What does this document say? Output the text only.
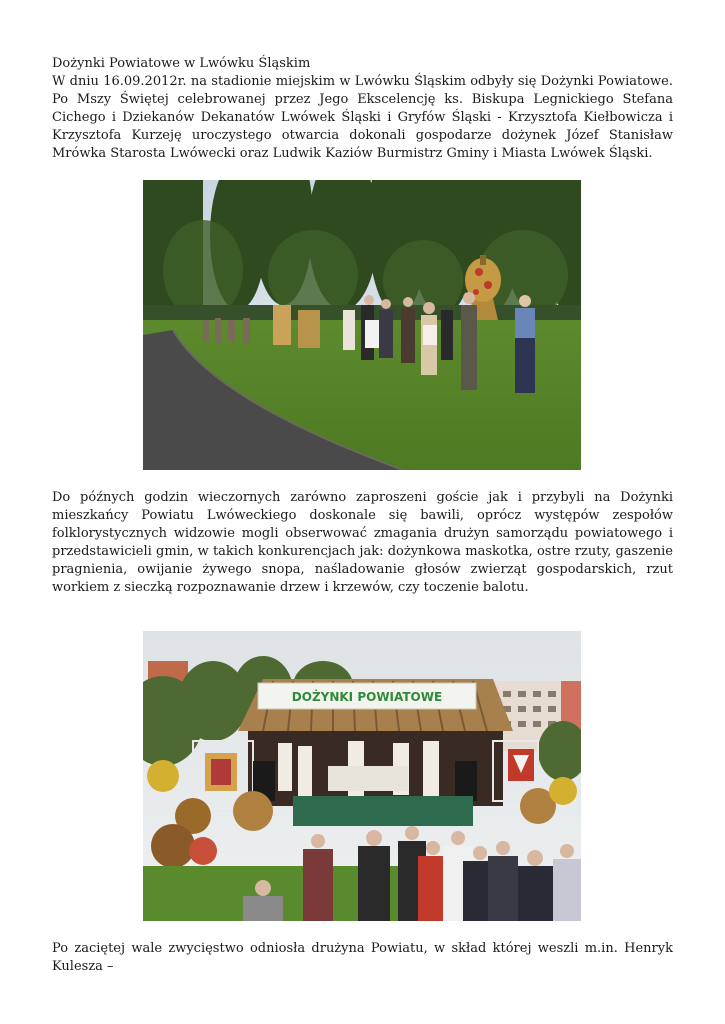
Dożynki Powiatowe w Lwówku Śląskim

W dniu 16.09.2012r. na stadionie miejskim w Lwówku Śląskim odbyły się Dożynki Powiatowe. Po Mszy Świętej celebrowanej przez Jego Ekscelencję ks. Biskupa Legnickiego Stefana Cichego i Dziekanów Dekanatów Lwówek Śląski i Gryfów Śląski - Krzysztofa Kiełbowicza i Krzysztofa Kurzeję uroczystego otwarcia dokonali gospodarze dożynek Józef Stanisław Mrówka Starosta Lwówecki oraz Ludwik Kaziów Burmistrz Gminy i Miasta Lwówek Śląski.

Do późnych godzin wieczornych zarówno zaproszeni goście jak i przybyli na Dożynki mieszkańcy Powiatu Lwóweckiego doskonale się bawili, oprócz występów zespołów folklorystycznych widzowie mogli obserwować zmagania drużyn samorządu powiatowego i przedstawicieli gmin, w takich konkurencjach jak: dożynkowa maskotka, ostre rzuty, gaszenie pragnienia, owijanie żywego snopa, naśladowanie głosów zwierząt gospodarskich, rzut workiem z sieczką rozpoznawanie drzew i krzewów, czy toczenie balotu.

DOŻYNKI POWIATOWE

Po zaciętej wale zwycięstwo odniosła drużyna Powiatu, w skład której weszli m.in. Henryk Kulesza –
